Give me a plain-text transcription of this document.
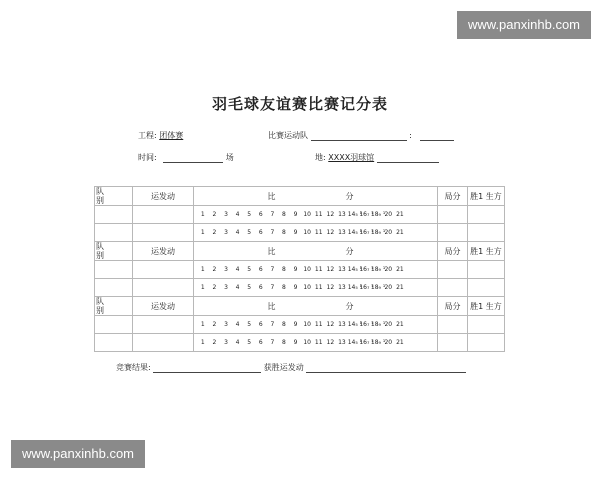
www.panxinhb.com
羽毛球友谊赛比赛记分表
工程: 团体赛	比赛运动队	:
时间:	场	地: XXXX羽球馆
队
别	运发动	比 分	局分	胜1 生方
		1 2 3 4 5 6 7 8 9 10 11 12 13 14₅ ¹16₇ ¹18₉ ¹20 21		
		1 2 3 4 5 6 7 8 9 10 11 12 13 14₅ ¹16₇ ¹18₉ ¹20 21		
队
别	运发动	比 分	局分	胜1 生方
		1 2 3 4 5 6 7 8 9 10 11 12 13 14₅ ¹16₇ ¹18₉ ¹20 21		
		1 2 3 4 5 6 7 8 9 10 11 12 13 14₅ ¹16₇ ¹18₉ ¹20 21		
队
别	运发动	比 分	局分	胜1 生方
		1 2 3 4 5 6 7 8 9 10 11 12 13 14₅ ¹16₇ ¹18₉ ¹20 21		
		1 2 3 4 5 6 7 8 9 10 11 12 13 14₅ ¹16₇ ¹18₉ ¹20 21		
竞赛结果:	获胜运发动
www.panxinhb.com
